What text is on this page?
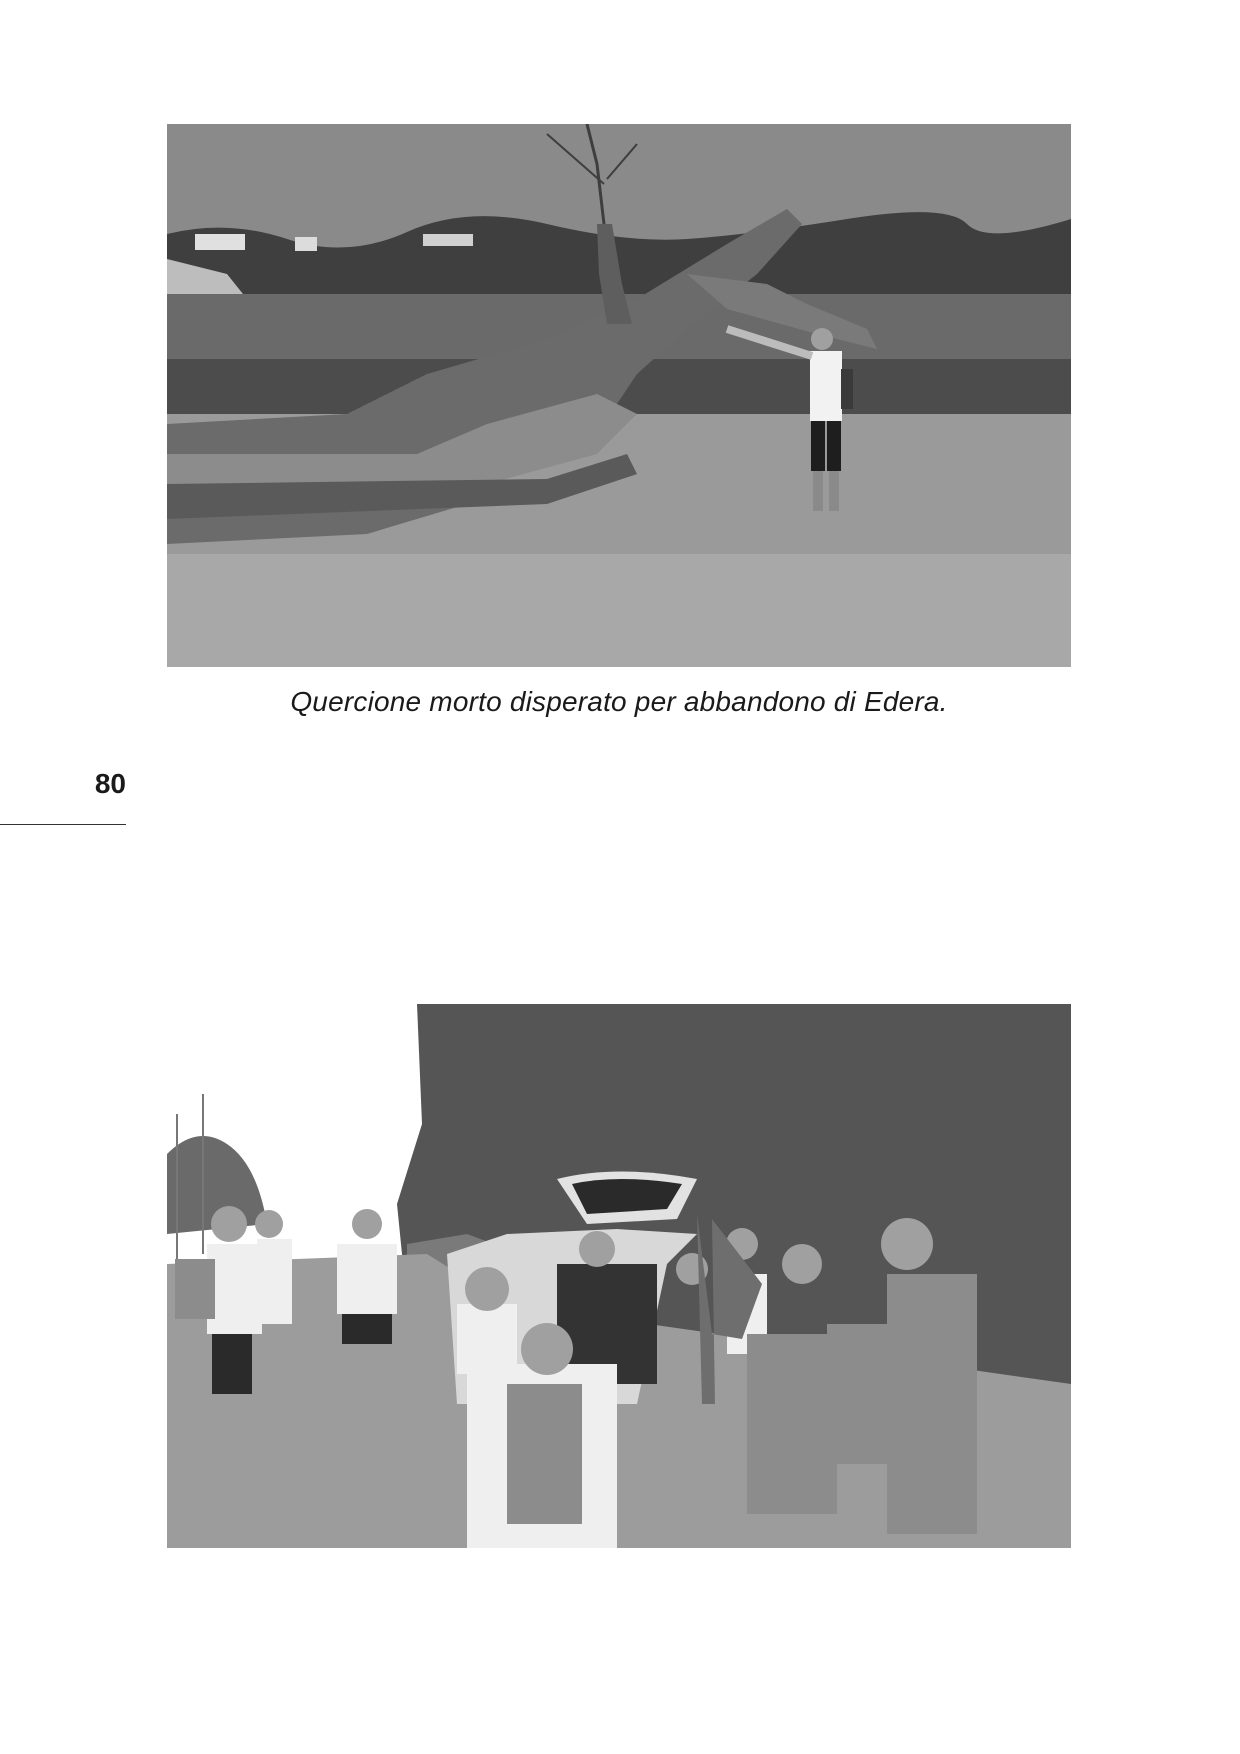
Quercione morto disperato per abbandono di Edera.
80
